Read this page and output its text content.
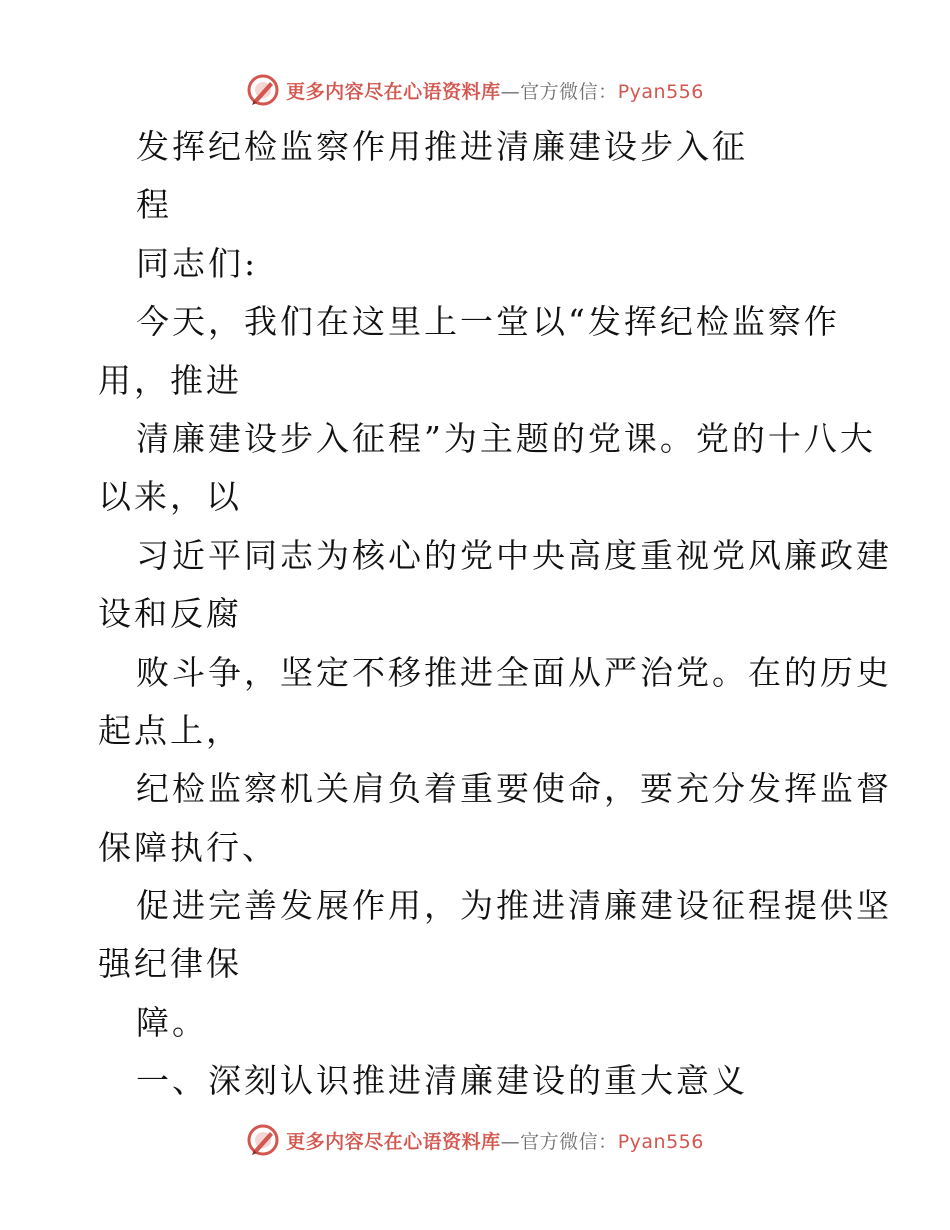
更多内容尽在心语资料库—官方微信：Pyan556
发挥纪检监察作用推进清廉建设步入征
程
同志们:
今天，我们在这里上一堂以“发挥纪检监察作
用，推进
清廉建设步入征程”为主题的党课。党的十八大
以来，以
习近平同志为核心的党中央高度重视党风廉政建
设和反腐
败斗争，坚定不移推进全面从严治党。在的历史
起点上，
纪检监察机关肩负着重要使命，要充分发挥监督
保障执行、
促进完善发展作用，为推进清廉建设征程提供坚
强纪律保
障。
一、深刻认识推进清廉建设的重大意义
更多内容尽在心语资料库—官方微信：Pyan556
